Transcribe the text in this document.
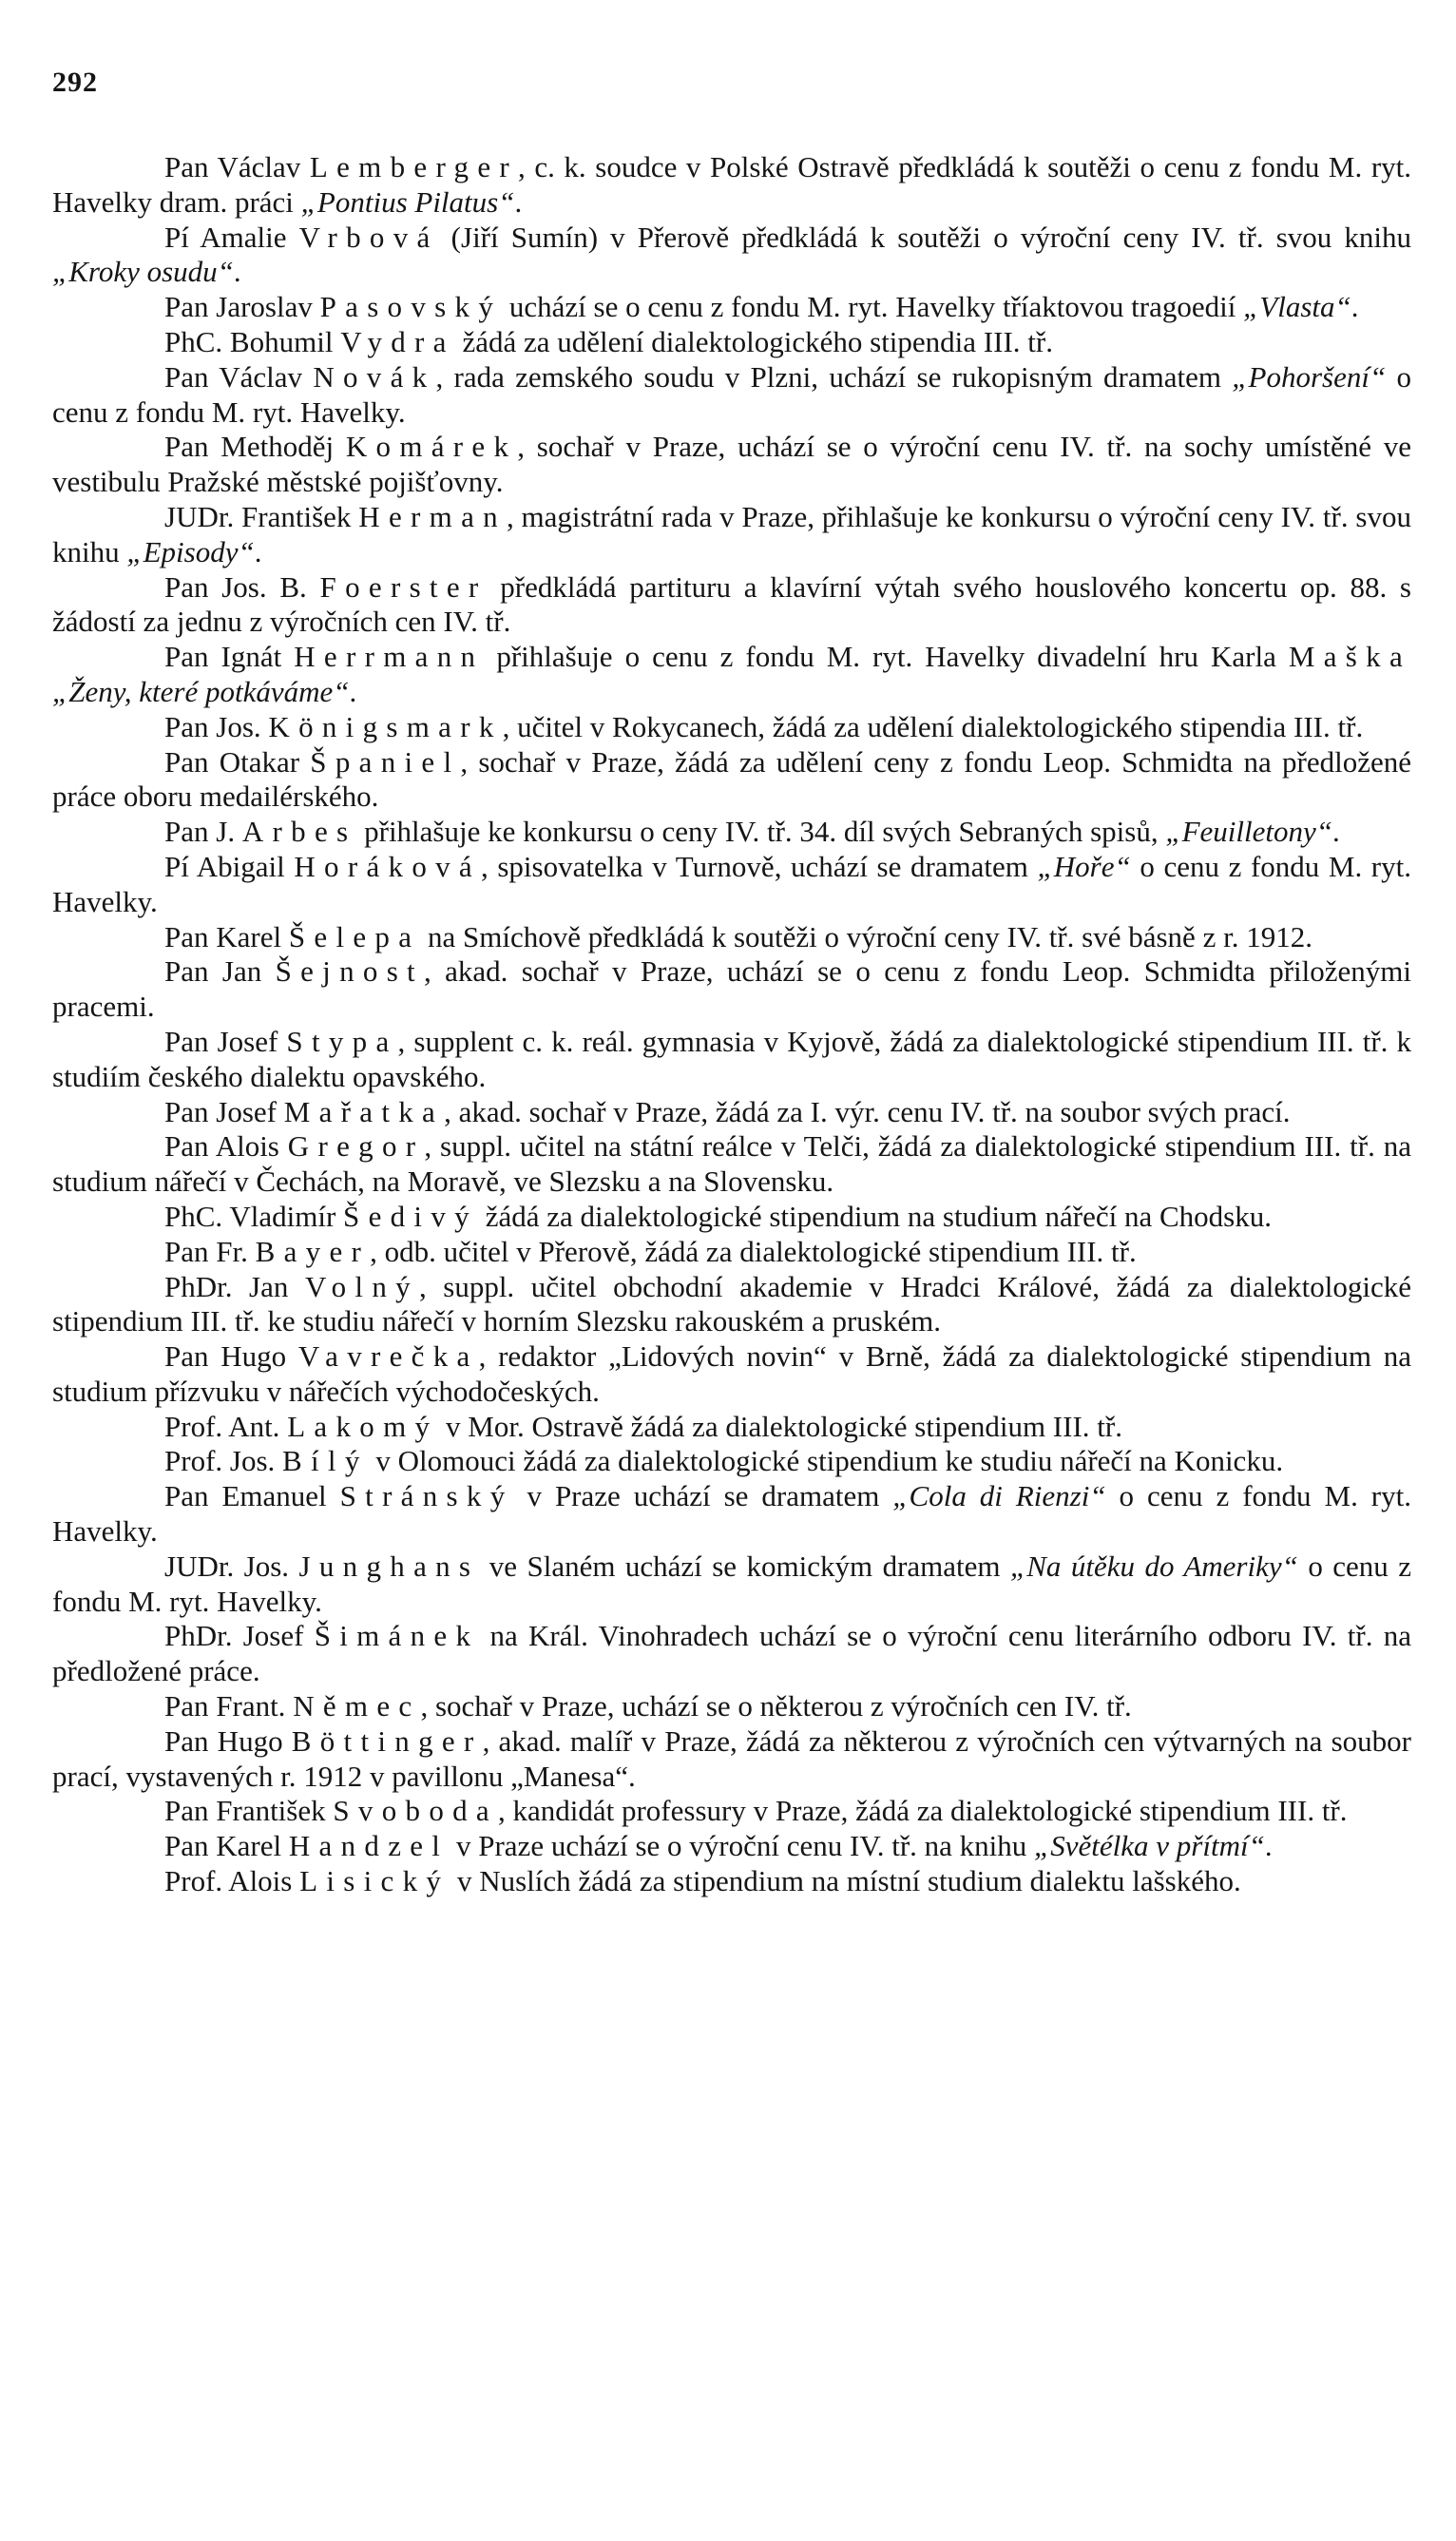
292

Pan Václav Lemberger, c. k. soudce v Polské Ostravě předkládá k soutěži o cenu z fondu M. ryt. Havelky dram. práci „Pontius Pilatus“.

Pí Amalie Vrbová (Jiří Sumín) v Přerově předkládá k soutěži o výroční ceny IV. tř. svou knihu „Kroky osudu“.

Pan Jaroslav Pasovský uchází se o cenu z fondu M. ryt. Havelky tříaktovou tragoedií „Vlasta“.

PhC. Bohumil Vydra žádá za udělení dialektologického stipendia III. tř.

Pan Václav Novák, rada zemského soudu v Plzni, uchází se rukopisným dramatem „Pohoršení“ o cenu z fondu M. ryt. Havelky.

Pan Methoděj Komárek, sochař v Praze, uchází se o výroční cenu IV. tř. na sochy umístěné ve vestibulu Pražské městské pojišťovny.

JUDr. František Herman, magistrátní rada v Praze, přihlašuje ke konkursu o výroční ceny IV. tř. svou knihu „Episody“.

Pan Jos. B. Foerster předkládá partituru a klavírní výtah svého houslového koncertu op. 88. s žádostí za jednu z výročních cen IV. tř.

Pan Ignát Herrmann přihlašuje o cenu z fondu M. ryt. Havelky divadelní hru Karla Maška „Ženy, které potkáváme“.

Pan Jos. Königsmark, učitel v Rokycanech, žádá za udělení dialektologického stipendia III. tř.

Pan Otakar Španiel, sochař v Praze, žádá za udělení ceny z fondu Leop. Schmidta na předložené práce oboru medailérského.

Pan J. Arbes přihlašuje ke konkursu o ceny IV. tř. 34. díl svých Sebraných spisů, „Feuilletony“.

Pí Abigail Horáková, spisovatelka v Turnově, uchází se dramatem „Hoře“ o cenu z fondu M. ryt. Havelky.

Pan Karel Šelepa na Smíchově předkládá k soutěži o výroční ceny IV. tř. své básně z r. 1912.

Pan Jan Šejnost, akad. sochař v Praze, uchází se o cenu z fondu Leop. Schmidta přiloženými pracemi.

Pan Josef Stypa, supplent c. k. reál. gymnasia v Kyjově, žádá za dialektologické stipendium III. tř. k studiím českého dialektu opavského.

Pan Josef Mařatka, akad. sochař v Praze, žádá za I. výr. cenu IV. tř. na soubor svých prací.

Pan Alois Gregor, suppl. učitel na státní reálce v Telči, žádá za dialektologické stipendium III. tř. na studium nářečí v Čechách, na Moravě, ve Slezsku a na Slovensku.

PhC. Vladimír Šedivý žádá za dialektologické stipendium na studium nářečí na Chodsku.

Pan Fr. Bayer, odb. učitel v Přerově, žádá za dialektologické stipendium III. tř.

PhDr. Jan Volný, suppl. učitel obchodní akademie v Hradci Králové, žádá za dialektologické stipendium III. tř. ke studiu nářečí v horním Slezsku rakouském a pruském.

Pan Hugo Vavrečka, redaktor „Lidových novin“ v Brně, žádá za dialektologické stipendium na studium přízvuku v nářečích východočeských.

Prof. Ant. Lakomý v Mor. Ostravě žádá za dialektologické stipendium III. tř.

Prof. Jos. Bílý v Olomouci žádá za dialektologické stipendium ke studiu nářečí na Konicku.

Pan Emanuel Stránský v Praze uchází se dramatem „Cola di Rienzi“ o cenu z fondu M. ryt. Havelky.

JUDr. Jos. Junghans ve Slaném uchází se komickým dramatem „Na útěku do Ameriky“ o cenu z fondu M. ryt. Havelky.

PhDr. Josef Šimánek na Král. Vinohradech uchází se o výroční cenu literárního odboru IV. tř. na předložené práce.

Pan Frant. Němec, sochař v Praze, uchází se o některou z výročních cen IV. tř.

Pan Hugo Böttinger, akad. malíř v Praze, žádá za některou z výročních cen výtvarných na soubor prací, vystavených r. 1912 v pavillonu „Manesa“.

Pan František Svoboda, kandidát professury v Praze, žádá za dialektologické stipendium III. tř.

Pan Karel Handzel v Praze uchází se o výroční cenu IV. tř. na knihu „Světélka v přítmí“.

Prof. Alois Lisický v Nuslích žádá za stipendium na místní studium dialektu lašského.
